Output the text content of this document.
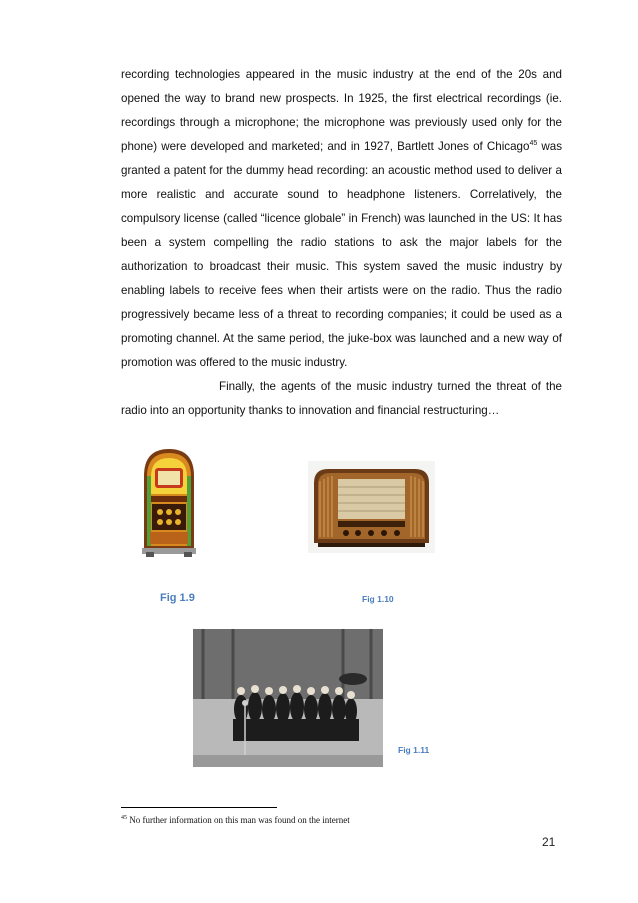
recording technologies appeared in the music industry at the end of the 20s and opened the way to brand new prospects. In 1925, the first electrical recordings (ie. recordings through a microphone; the microphone was previously used only for the phone) were developed and marketed; and in 1927, Bartlett Jones of Chicago$^{45}$ was granted a patent for the dummy head recording: an acoustic method used to deliver a more realistic and accurate sound to headphone listeners. Correlatively, the compulsory license (called “licence globale” in French) was launched in the US: It has been a system compelling the radio stations to ask the major labels for the authorization to broadcast their music. This system saved the music industry by enabling labels to receive fees when their artists were on the radio. Thus the radio progressively became less of a threat to recording companies; it could be used as a promoting channel. At the same period, the juke-box was launched and a new way of promotion was offered to the music industry.

Finally, the agents of the music industry turned the threat of the radio into an opportunity thanks to innovation and financial restructuring…

Fig 1.9	Fig 1.10
Fig 1.11
$^{45}$ No further information on this man was found on the internet
21
